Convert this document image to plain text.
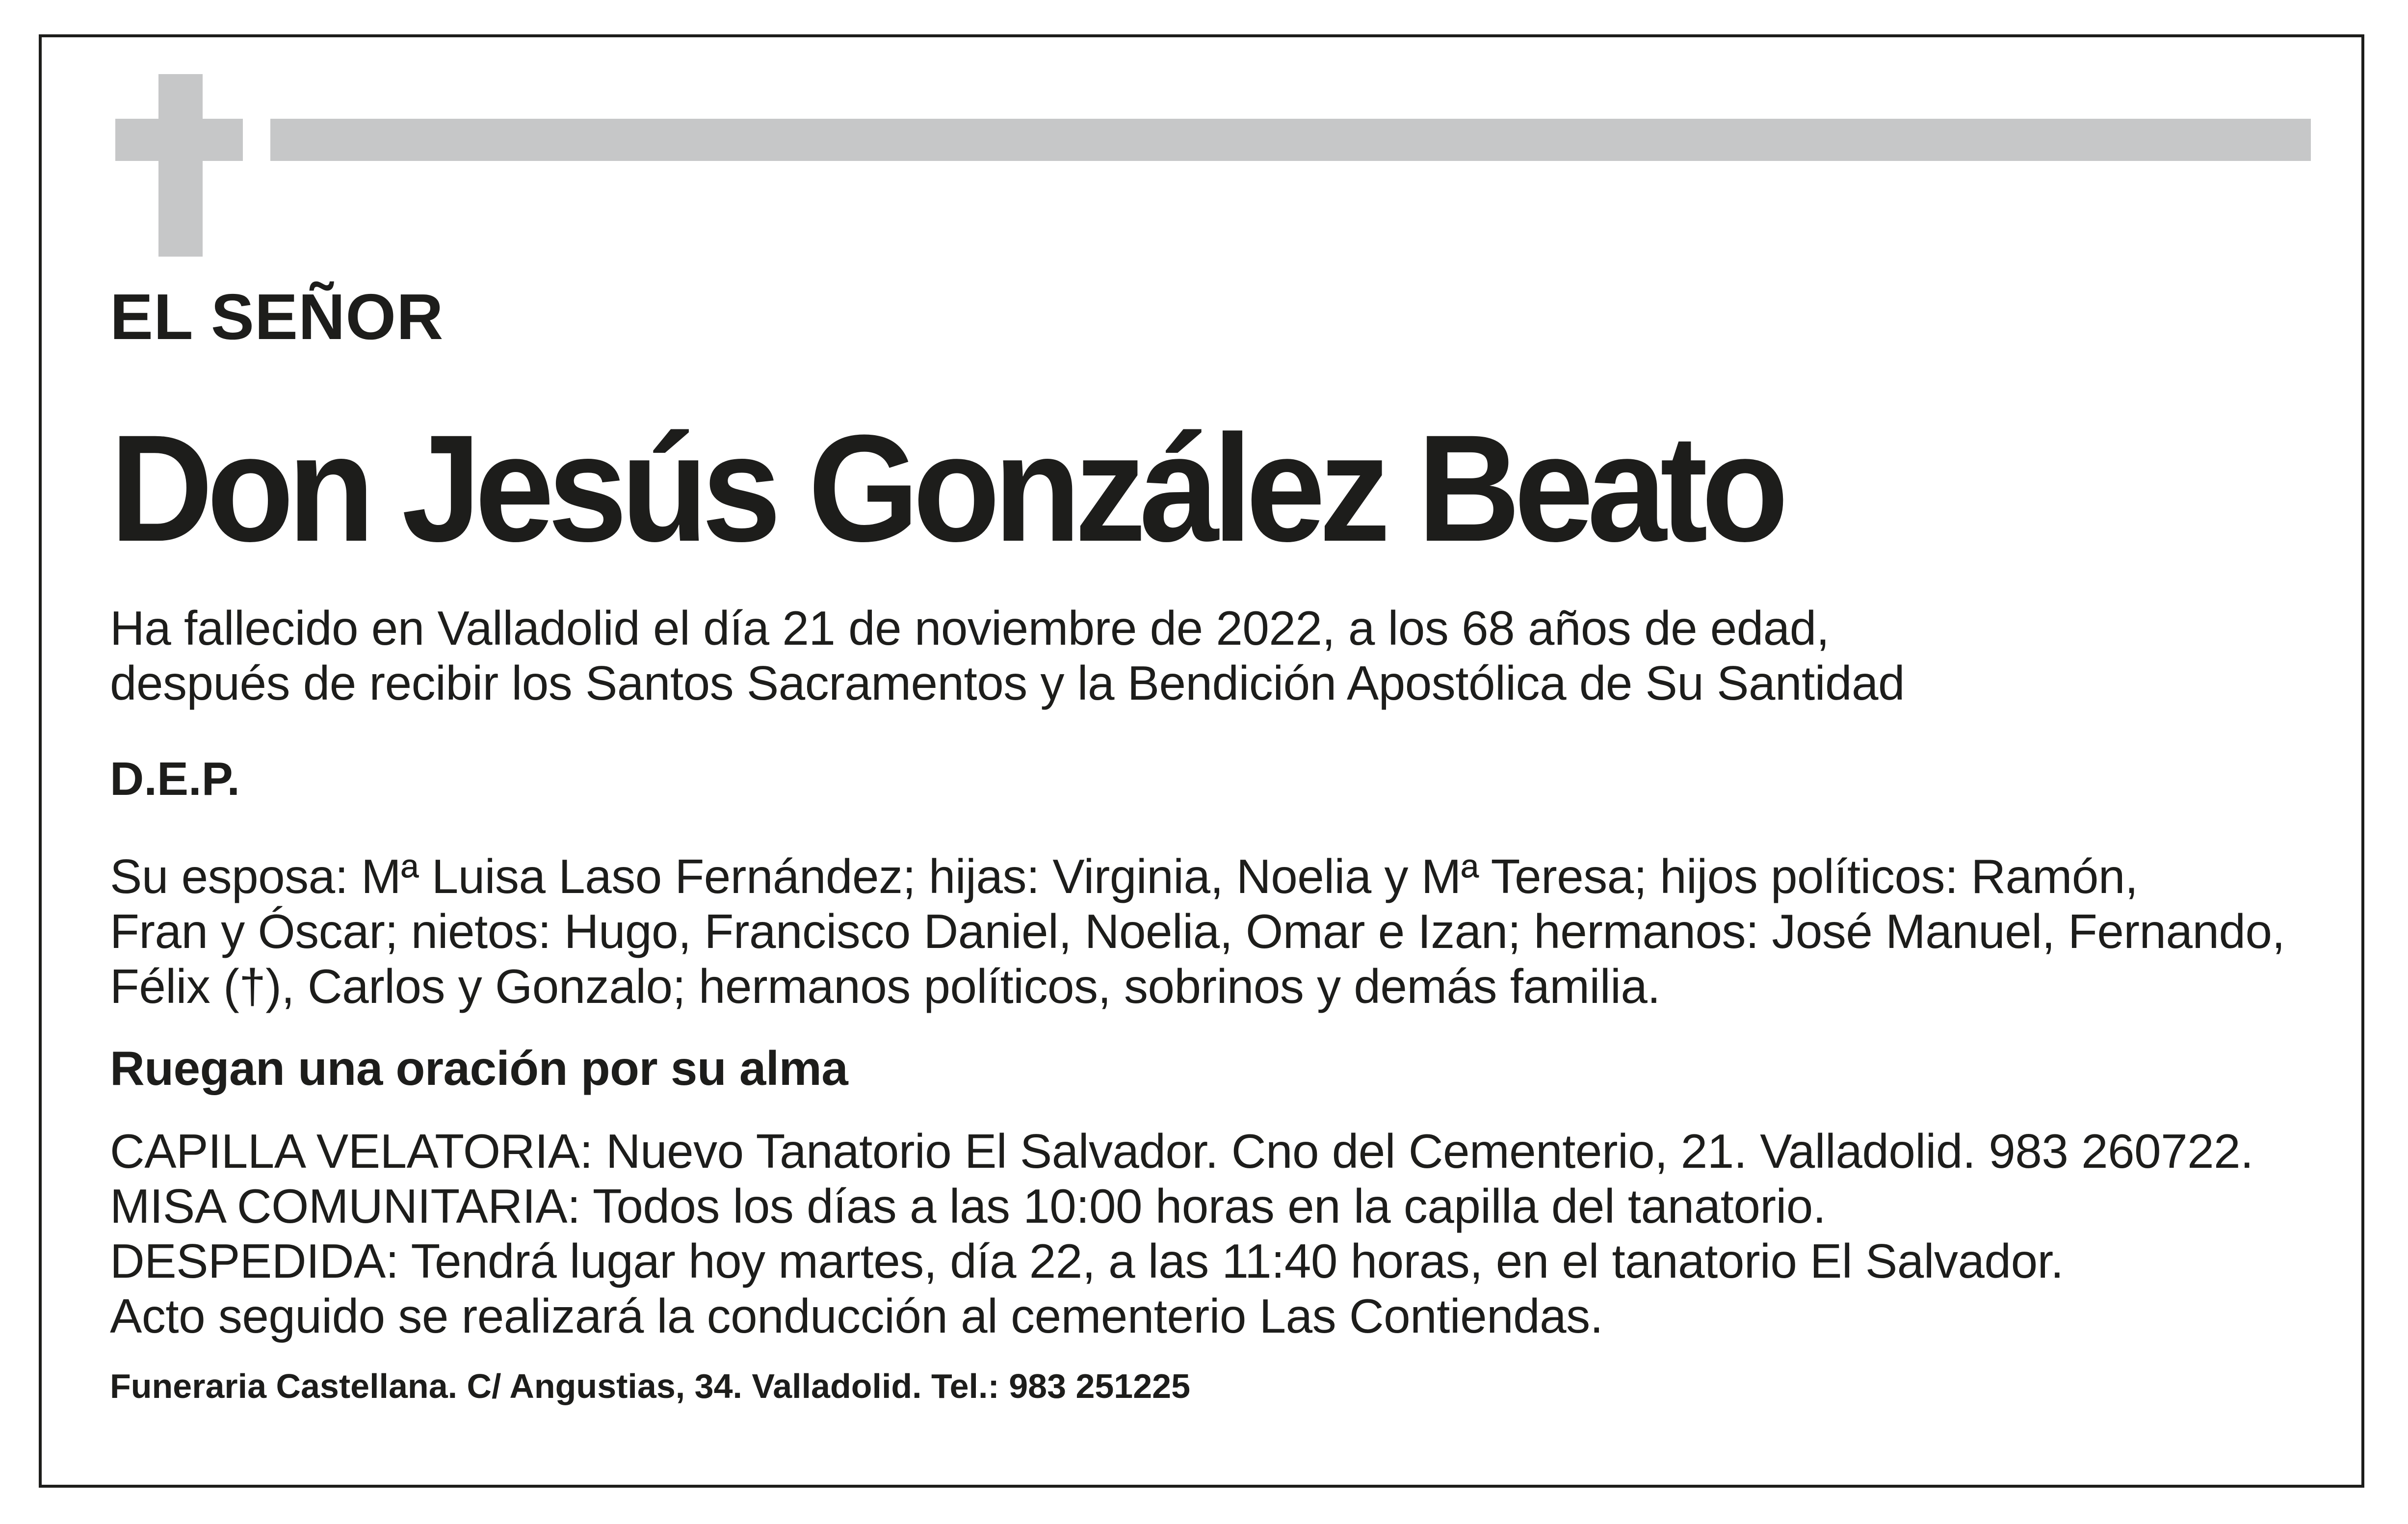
EL SEÑOR

Don Jesús González Beato

Ha fallecido en Valladolid el día 21 de noviembre de 2022, a los 68 años de edad,
después de recibir los Santos Sacramentos y la Bendición Apostólica de Su Santidad

D.E.P.

Su esposa: Mª Luisa Laso Fernández; hijas: Virginia, Noelia y Mª Teresa; hijos políticos: Ramón,
Fran y Óscar; nietos: Hugo, Francisco Daniel, Noelia, Omar e Izan; hermanos: José Manuel, Fernando,
Félix (†), Carlos y Gonzalo; hermanos políticos, sobrinos y demás familia.

Ruegan una oración por su alma

CAPILLA VELATORIA: Nuevo Tanatorio El Salvador. Cno del Cementerio, 21. Valladolid. 983 260722.
MISA COMUNITARIA: Todos los días a las 10:00 horas en la capilla del tanatorio.
DESPEDIDA: Tendrá lugar hoy martes, día 22, a las 11:40 horas, en el tanatorio El Salvador.
Acto seguido se realizará la conducción al cementerio Las Contiendas.

Funeraria Castellana. C/ Angustias, 34. Valladolid. Tel.: 983 251225
